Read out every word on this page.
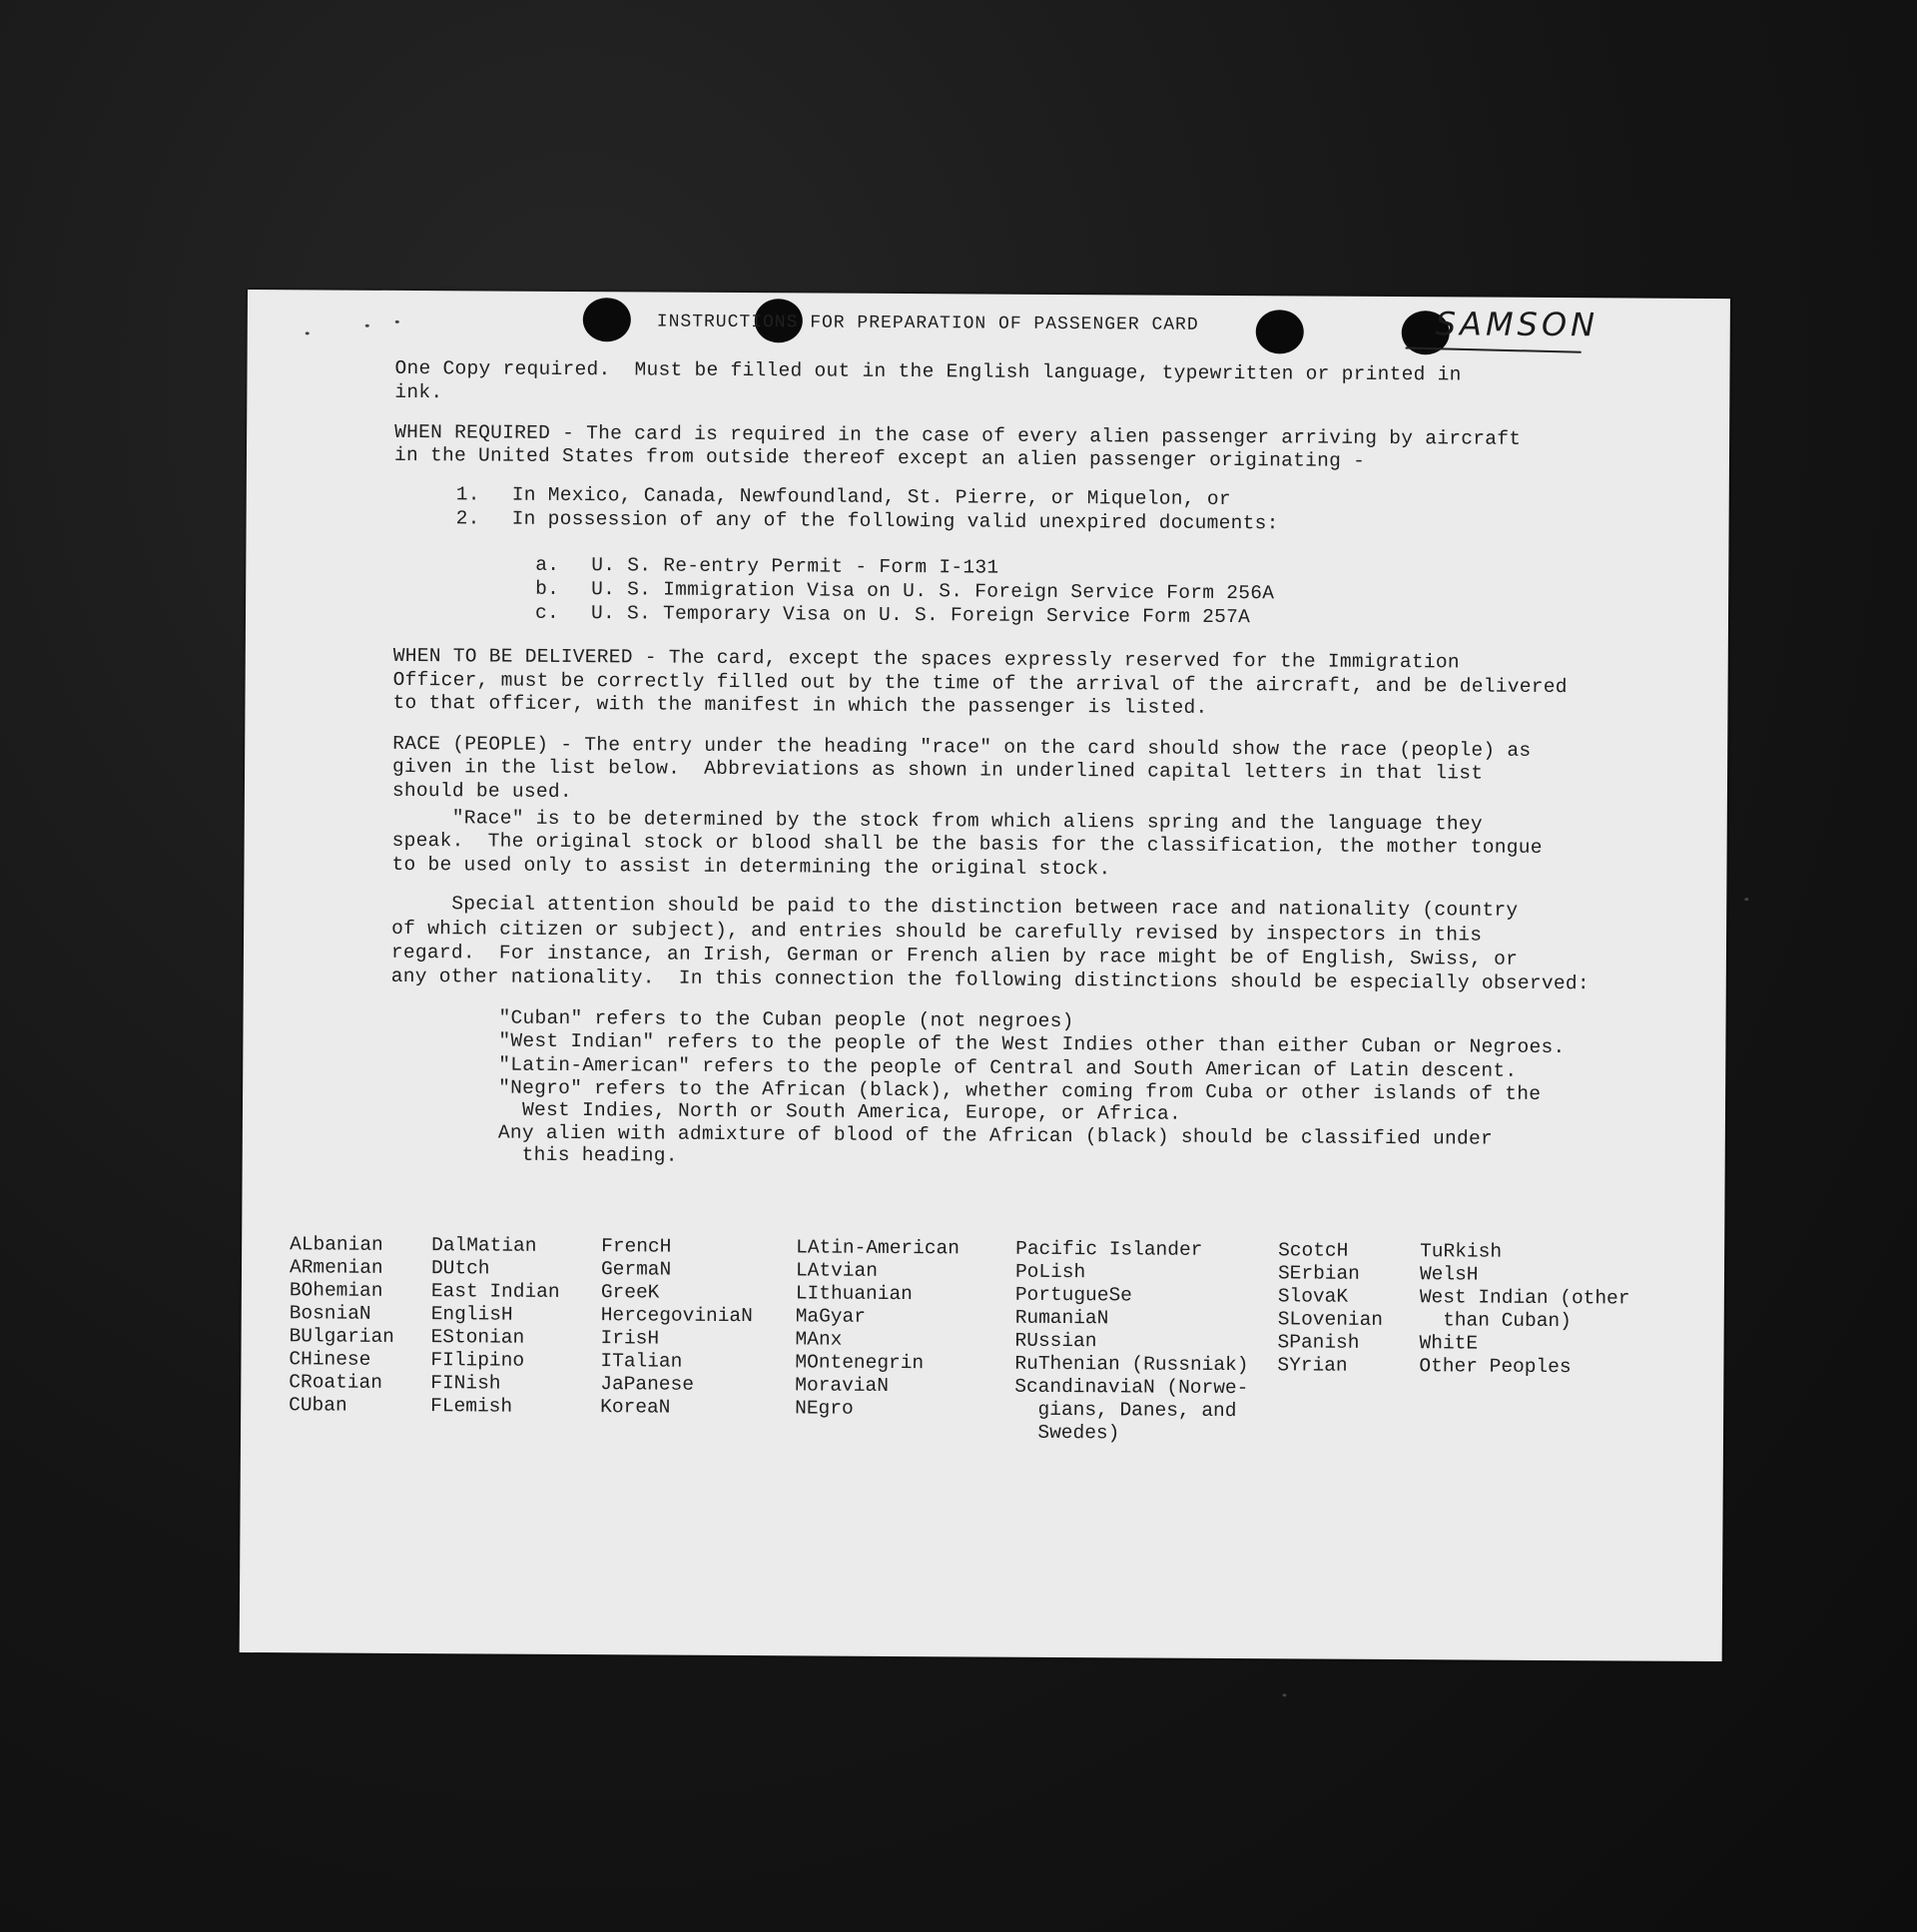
INSTRUCTIONS FOR PREPARATION OF PASSENGER CARD	SAMSON
One Copy required.  Must be filled out in the English language, typewritten or printed in
ink.
WHEN REQUIRED - The card is required in the case of every alien passenger arriving by aircraft
in the United States from outside thereof except an alien passenger originating -
1. In Mexico, Canada, Newfoundland, St. Pierre, or Miquelon, or
2. In possession of any of the following valid unexpired documents:
a. U. S. Re-entry Permit - Form I-131
b. U. S. Immigration Visa on U. S. Foreign Service Form 256A
c. U. S. Temporary Visa on U. S. Foreign Service Form 257A
WHEN TO BE DELIVERED - The card, except the spaces expressly reserved for the Immigration
Officer, must be correctly filled out by the time of the arrival of the aircraft, and be delivered
to that officer, with the manifest in which the passenger is listed.
RACE (PEOPLE) - The entry under the heading "race" on the card should show the race (people) as
given in the list below.  Abbreviations as shown in underlined capital letters in that list
should be used.
"Race" is to be determined by the stock from which aliens spring and the language they
speak.  The original stock or blood shall be the basis for the classification, the mother tongue
to be used only to assist in determining the original stock.
Special attention should be paid to the distinction between race and nationality (country
of which citizen or subject), and entries should be carefully revised by inspectors in this
regard.  For instance, an Irish, German or French alien by race might be of English, Swiss, or
any other nationality.  In this connection the following distinctions should be especially observed:
"Cuban" refers to the Cuban people (not negroes)
"West Indian" refers to the people of the West Indies other than either Cuban or Negroes.
"Latin-American" refers to the people of Central and South American of Latin descent.
"Negro" refers to the African (black), whether coming from Cuba or other islands of the
West Indies, North or South America, Europe, or Africa.
Any alien with admixture of blood of the African (black) should be classified under
this heading.
ALbanian
ARmenian
BOhemian
BosniaN
BUlgarian
CHinese
CRoatian
CUban
DalMatian
DUtch
East Indian
EnglisH
EStonian
FIlipino
FINish
FLemish
FrencH
GermaN
GreeK
HercegoviniaN
IrisH
ITalian
JaPanese
KoreaN
LAtin-American
LAtvian
LIthuanian
MaGyar
MAnx
MOntenegrin
MoraviaN
NEgro
Pacific Islander
PoLish
PortugueSe
RumaniaN
RUssian
RuThenian (Russniak)
ScandinaviaN (Norwe-
gians, Danes, and
Swedes)
ScotcH
SErbian
SlovaK
SLovenian
SPanish
SYrian
TuRkish
WelsH
West Indian (other
than Cuban)
WhitE
Other Peoples
